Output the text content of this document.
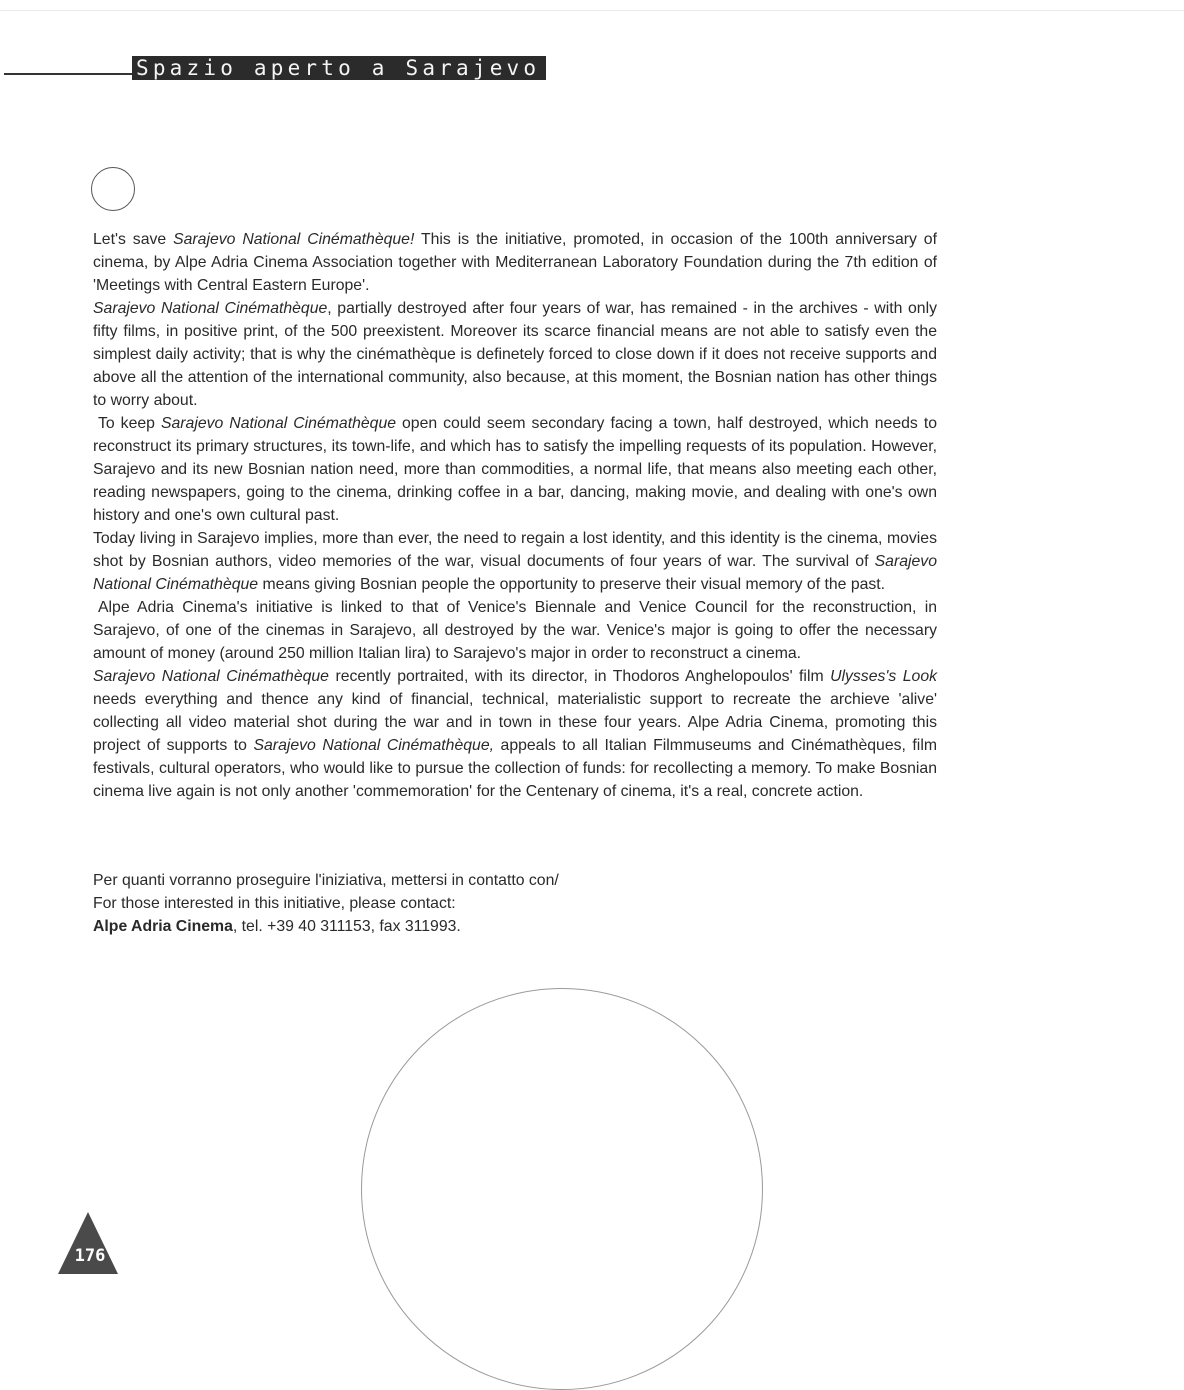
Spazio aperto a Sarajevo

Let's save Sarajevo National Cinémathèque! This is the initiative, promoted, in occasion of the 100th anniversary of cinema, by Alpe Adria Cinema Association together with Mediterranean Laboratory Foundation during the 7th edition of 'Meetings with Central Eastern Europe'.

Sarajevo National Cinémathèque, partially destroyed after four years of war, has remained - in the archives - with only fifty films, in positive print, of the 500 preexistent. Moreover its scarce financial means are not able to satisfy even the simplest daily activity; that is why the cinémathèque is definetely forced to close down if it does not receive supports and above all the attention of the international community, also because, at this moment, the Bosnian nation has other things to worry about.

To keep Sarajevo National Cinémathèque open could seem secondary facing a town, half destroyed, which needs to reconstruct its primary structures, its town-life, and which has to satisfy the impelling requests of its population. However, Sarajevo and its new Bosnian nation need, more than commodities, a normal life, that means also meeting each other, reading newspapers, going to the cinema, drinking coffee in a bar, dancing, making movie, and dealing with one's own history and one's own cultural past.

Today living in Sarajevo implies, more than ever, the need to regain a lost identity, and this identity is the cinema, movies shot by Bosnian authors, video memories of the war, visual documents of four years of war. The survival of Sarajevo National Cinémathèque means giving Bosnian people the opportunity to preserve their visual memory of the past.

Alpe Adria Cinema's initiative is linked to that of Venice's Biennale and Venice Council for the reconstruction, in Sarajevo, of one of the cinemas in Sarajevo, all destroyed by the war. Venice's major is going to offer the necessary amount of money (around 250 million Italian lira) to Sarajevo's major in order to reconstruct a cinema.

Sarajevo National Cinémathèque recently portraited, with its director, in Thodoros Anghelopoulos' film Ulysses's Look needs everything and thence any kind of financial, technical, materialistic support to recreate the archieve 'alive' collecting all video material shot during the war and in town in these four years. Alpe Adria Cinema, promoting this project of supports to Sarajevo National Cinémathèque, appeals to all Italian Filmmuseums and Cinémathèques, film festivals, cultural operators, who would like to pursue the collection of funds: for recollecting a memory. To make Bosnian cinema live again is not only another 'commemoration' for the Centenary of cinema, it's a real, concrete action.

Per quanti vorranno proseguire l'iniziativa, mettersi in contatto con/
For those interested in this initiative, please contact:
Alpe Adria Cinema, tel. +39 40 311153, fax 311993.
176
